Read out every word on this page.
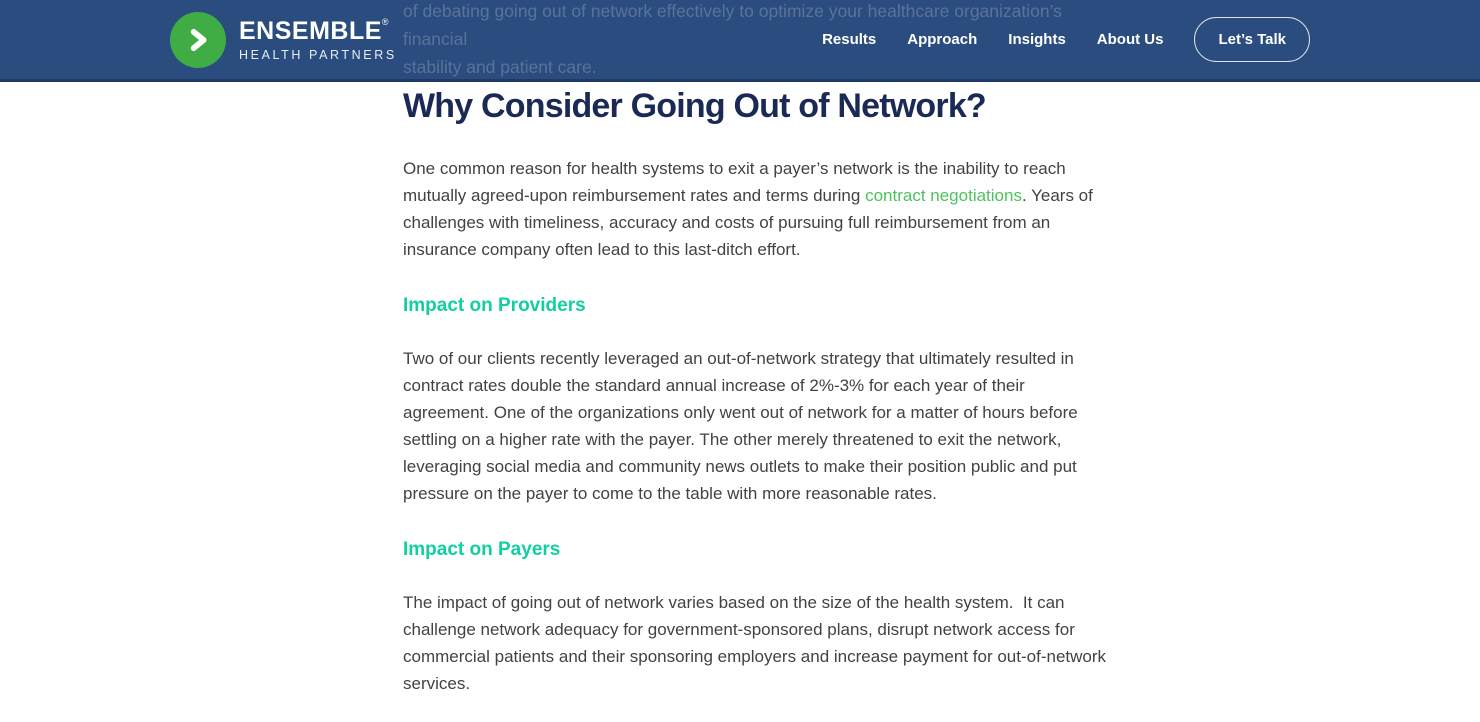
of debating going out of network effectively to optimize your healthcare organization’s financial
stability and patient care.
ENSEMBLE®
HEALTH PARTNERS
Results Approach Insights About Us	Let’s Talk
Why Consider Going Out of Network?

One common reason for health systems to exit a payer’s network is the inability to reach mutually agreed-upon reimbursement rates and terms during contract negotiations. Years of challenges with timeliness, accuracy and costs of pursuing full reimbursement from an insurance company often lead to this last-ditch effort.

Impact on Providers

Two of our clients recently leveraged an out-of-network strategy that ultimately resulted in contract rates double the standard annual increase of 2%-3% for each year of their agreement. One of the organizations only went out of network for a matter of hours before settling on a higher rate with the payer. The other merely threatened to exit the network, leveraging social media and community news outlets to make their position public and put pressure on the payer to come to the table with more reasonable rates.

Impact on Payers

The impact of going out of network varies based on the size of the health system.  It can challenge network adequacy for government-sponsored plans, disrupt network access for commercial patients and their sponsoring employers and increase payment for out-of-network services.
